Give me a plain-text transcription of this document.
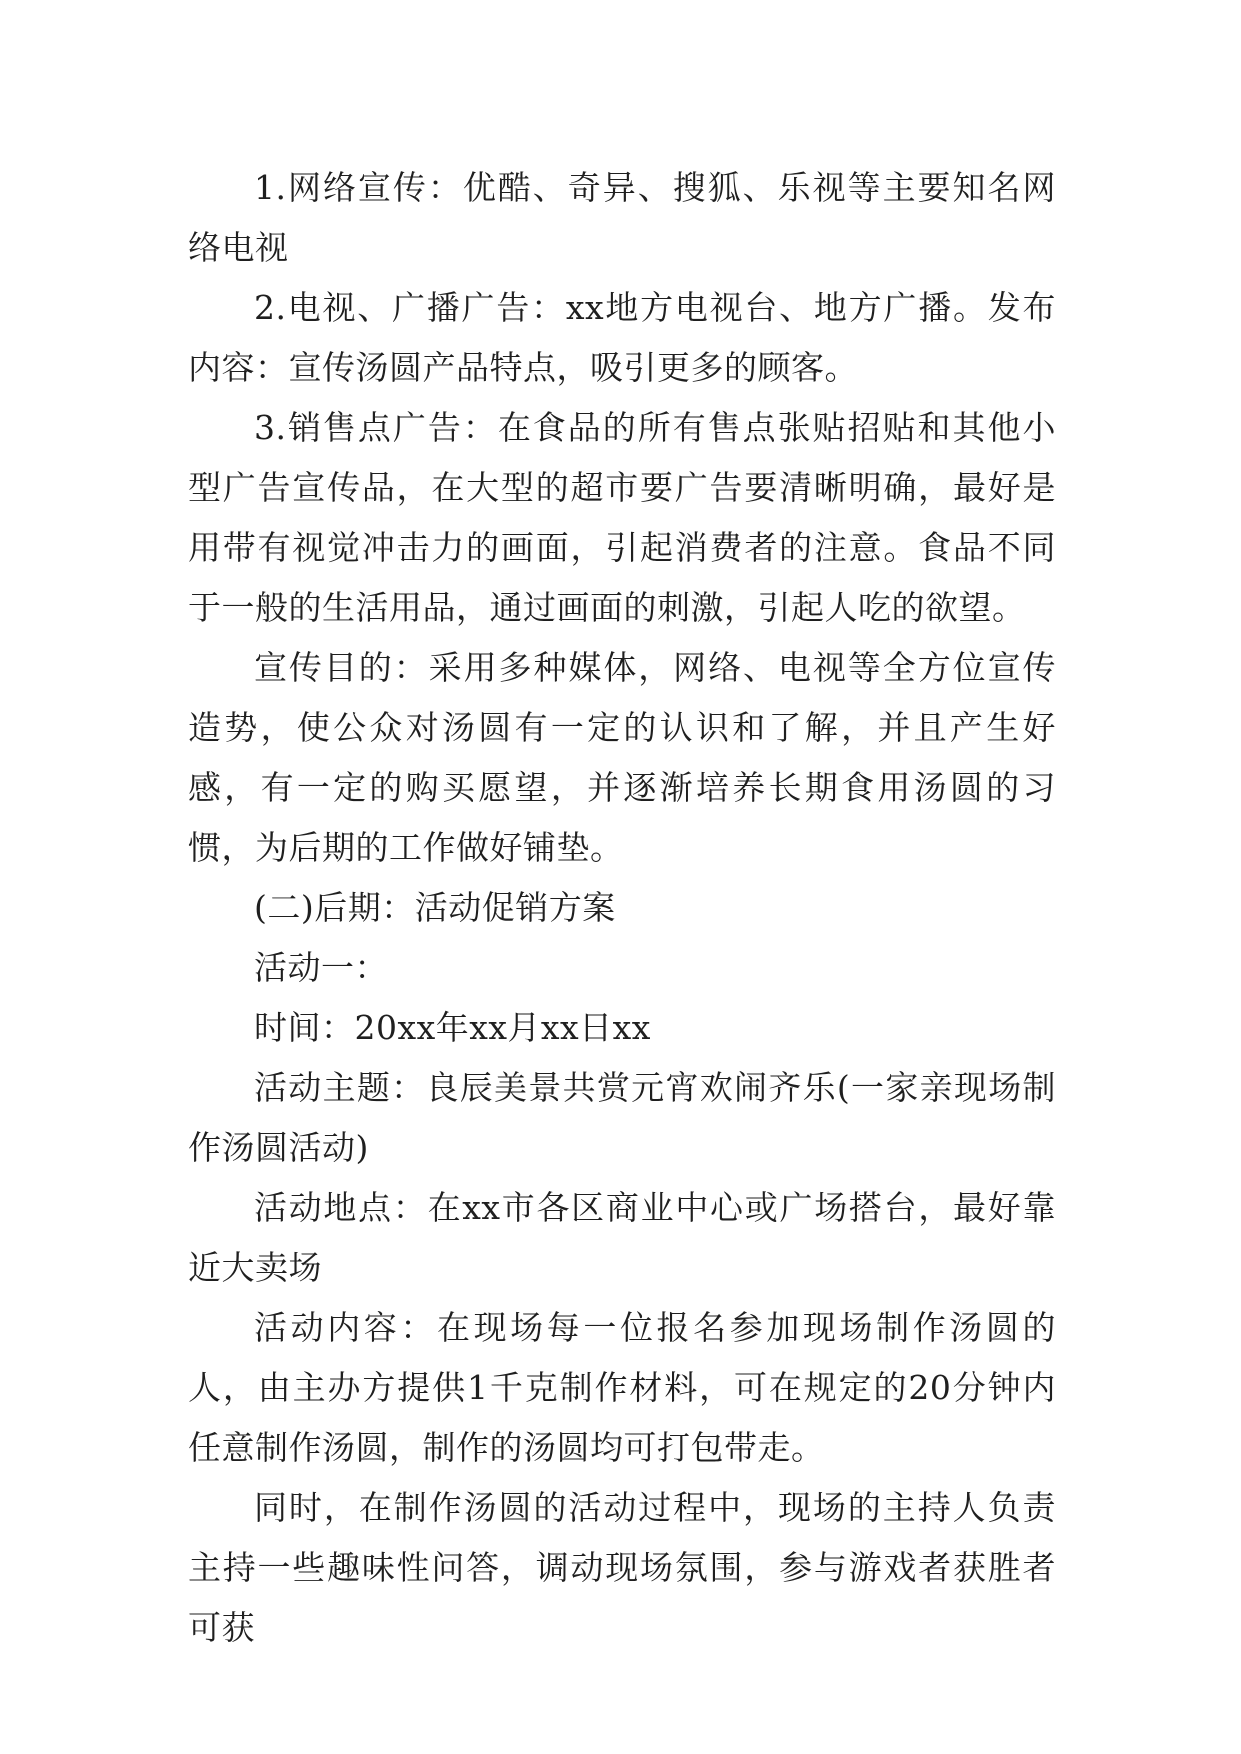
1.网络宣传：优酷、奇异、搜狐、乐视等主要知名网络电视

2.电视、广播广告：xx地方电视台、地方广播。发布内容：宣传汤圆产品特点，吸引更多的顾客。

3.销售点广告：在食品的所有售点张贴招贴和其他小型广告宣传品，在大型的超市要广告要清晰明确，最好是用带有视觉冲击力的画面，引起消费者的注意。食品不同于一般的生活用品，通过画面的刺激，引起人吃的欲望。

宣传目的：采用多种媒体，网络、电视等全方位宣传造势，使公众对汤圆有一定的认识和了解，并且产生好感，有一定的购买愿望，并逐渐培养长期食用汤圆的习惯，为后期的工作做好铺垫。

(二)后期：活动促销方案

活动一：

时间：20xx年xx月xx日xx

活动主题：良辰美景共赏元宵欢闹齐乐(一家亲现场制作汤圆活动)

活动地点：在xx市各区商业中心或广场搭台，最好靠近大卖场

活动内容：在现场每一位报名参加现场制作汤圆的人，由主办方提供1千克制作材料，可在规定的20分钟内任意制作汤圆，制作的汤圆均可打包带走。

同时，在制作汤圆的活动过程中，现场的主持人负责主持一些趣味性问答，调动现场氛围，参与游戏者获胜者可获
